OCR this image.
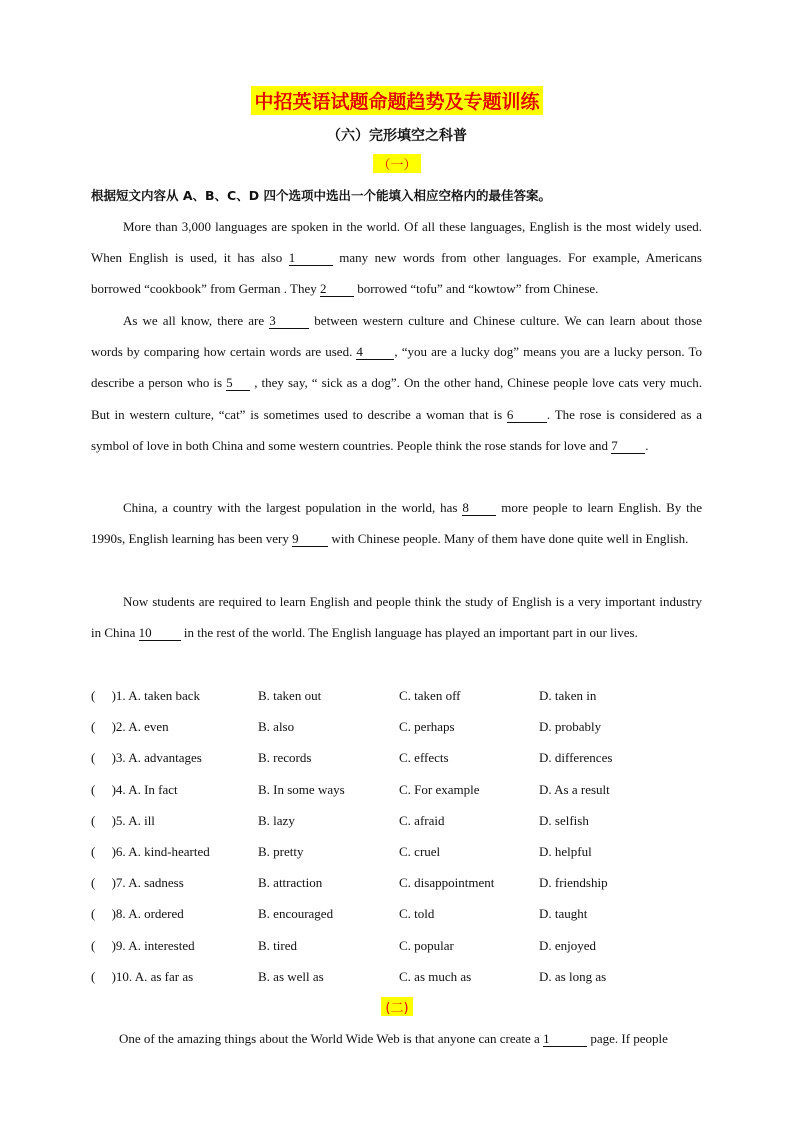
中招英语试题命题趋势及专题训练
（六）完形填空之科普
（一）
根据短文内容从 A、B、C、D 四个选项中选出一个能填入相应空格内的最佳答案。
More than 3,000 languages are spoken in the world. Of all these languages, English is the most widely used. When English is used, it has also 1	many new words from other languages. For example, Americans borrowed “cookbook” from German . They 2 borrowed “tofu” and “kowtow” from Chinese.
As we all know, there are 3	between western culture and Chinese culture. We can learn about those words by comparing how certain words are used. 4 , “you are a lucky dog” means you are a lucky person. To describe a person who is 5 , they say, “ sick as a dog”. On the other hand, Chinese people love cats very much. But in western culture, “cat” is sometimes used to describe a woman that is 6	. The rose is considered as a symbol of love in both China and some western countries. People think the rose stands for love and 7 .
China, a country with the largest population in the world, has 8 more people to learn English. By the 1990s, English learning has been very 9 with Chinese people. Many of them have done quite well in English.
Now students are required to learn English and people think the study of English is a very important industry in China 10 in the rest of the world. The English language has played an important part in our lives.
(　 )1. A. taken back	B. taken out	C. taken off	D. taken in
(　 )2. A. even	B. also	C. perhaps	D. probably
(　 )3. A. advantages	B. records	C. effects	D. differences
(　 )4. A. In fact	B. In some ways	C. For example	D. As a result
(　 )5. A. ill	B. lazy	C. afraid	D. selfish
(　 )6. A. kind-hearted	B. pretty	C. cruel	D. helpful
(　 )7. A. sadness	B. attraction	C. disappointment	D. friendship
(　 )8. A. ordered	B. encouraged	C. told	D. taught
(　 )9. A. interested	B. tired	C. popular	D. enjoyed
(　 )10. A. as far as	B. as well as	C. as much as	D. as long as
(二)
One of the amazing things about the World Wide Web is that anyone can create a 1	page. If people
